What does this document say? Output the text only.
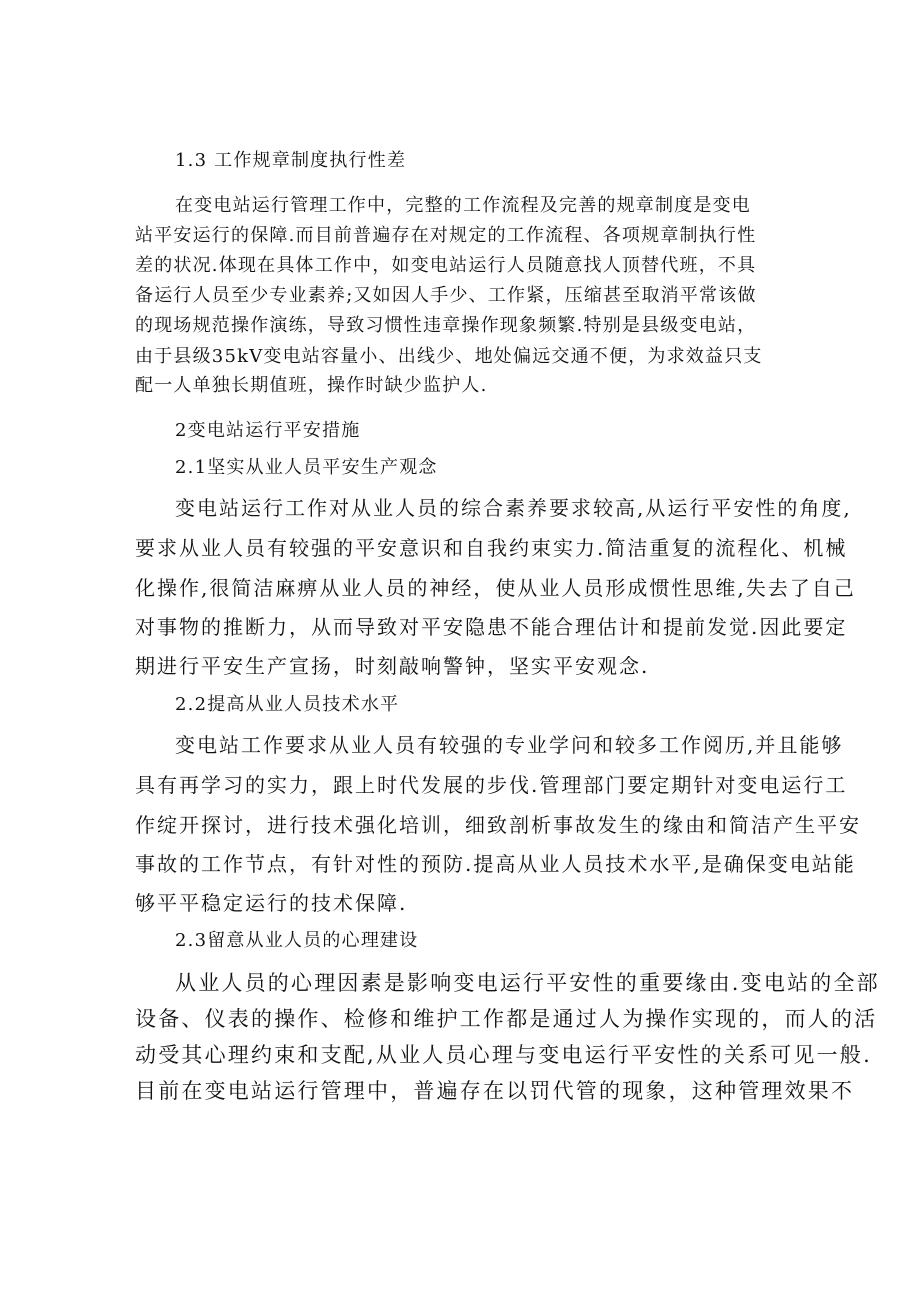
1.3 工作规章制度执行性差
在变电站运行管理工作中，完整的工作流程及完善的规章制度是变电
站平安运行的保障.而目前普遍存在对规定的工作流程、各项规章制执行性
差的状况.体现在具体工作中，如变电站运行人员随意找人顶替代班，不具
备运行人员至少专业素养;又如因人手少、工作紧，压缩甚至取消平常该做
的现场规范操作演练，导致习惯性违章操作现象频繁.特别是县级变电站，
由于县级35kV变电站容量小、出线少、地处偏远交通不便，为求效益只支
配一人单独长期值班，操作时缺少监护人.
2变电站运行平安措施
2.1坚实从业人员平安生产观念
变电站运行工作对从业人员的综合素养要求较高,从运行平安性的角度,
要求从业人员有较强的平安意识和自我约束实力.简洁重复的流程化、机械
化操作,很简洁麻痹从业人员的神经，使从业人员形成惯性思维,失去了自己
对事物的推断力，从而导致对平安隐患不能合理估计和提前发觉.因此要定
期进行平安生产宣扬，时刻敲响警钟，坚实平安观念.
2.2提高从业人员技术水平
变电站工作要求从业人员有较强的专业学问和较多工作阅历,并且能够
具有再学习的实力，跟上时代发展的步伐.管理部门要定期针对变电运行工
作绽开探讨，进行技术强化培训，细致剖析事故发生的缘由和简洁产生平安
事故的工作节点，有针对性的预防.提高从业人员技术水平,是确保变电站能
够平平稳定运行的技术保障.
2.3留意从业人员的心理建设
从业人员的心理因素是影响变电运行平安性的重要缘由.变电站的全部
设备、仪表的操作、检修和维护工作都是通过人为操作实现的，而人的活
动受其心理约束和支配,从业人员心理与变电运行平安性的关系可见一般.
目前在变电站运行管理中，普遍存在以罚代管的现象，这种管理效果不
